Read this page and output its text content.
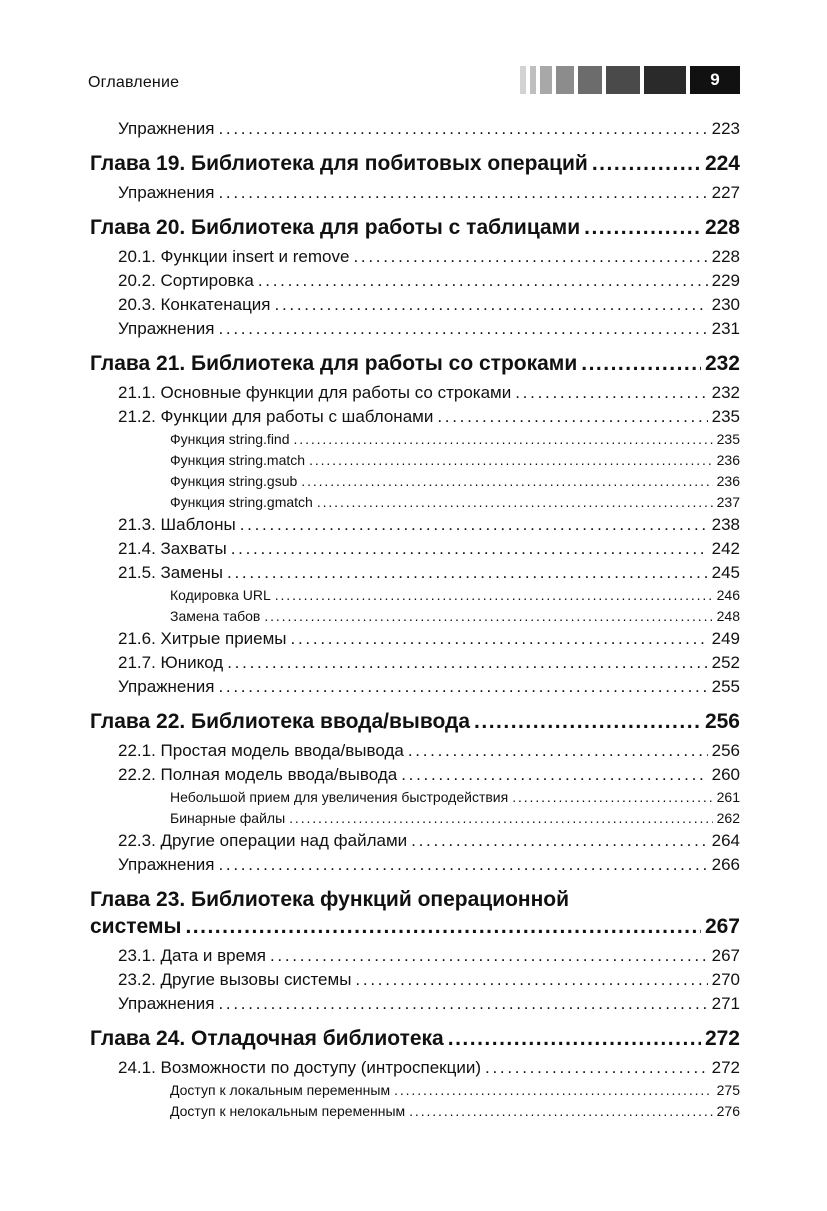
Оглавление	9
Упражнения . . .	223
Глава 19. Библиотека для побитовых операций .....	224
Упражнения . . .	227
Глава 20. Библиотека для работы с таблицами .....	228
20.1. Функции insert и remove . . .	228
20.2. Сортировка . . .	229
20.3. Конкатенация . . .	230
Упражнения . . .	231
Глава 21. Библиотека для работы со строками .....	232
21.1. Основные функции для работы со строками . . .	232
21.2. Функции для работы с шаблонами . . .	235
Функция string.find . . .	235
Функция string.match . . .	236
Функция string.gsub . . .	236
Функция string.gmatch . . .	237
21.3. Шаблоны . . .	238
21.4. Захваты . . .	242
21.5. Замены . . .	245
Кодировка URL . . .	246
Замена табов . . .	248
21.6. Хитрые приемы . . .	249
21.7. Юникод . . .	252
Упражнения . . .	255
Глава 22. Библиотека ввода/вывода .....	256
22.1. Простая модель ввода/вывода . . .	256
22.2. Полная модель ввода/вывода . . .	260
Небольшой прием для увеличения быстродействия . . .	261
Бинарные файлы . . .	262
22.3. Другие операции над файлами . . .	264
Упражнения . . .	266
Глава 23. Библиотека функций операционной
системы .....	267
23.1. Дата и время . . .	267
23.2. Другие вызовы системы . . .	270
Упражнения . . .	271
Глава 24. Отладочная библиотека .....	272
24.1. Возможности по доступу (интроспекции) . . .	272
Доступ к локальным переменным . . .	275
Доступ к нелокальным переменным . . .	276
